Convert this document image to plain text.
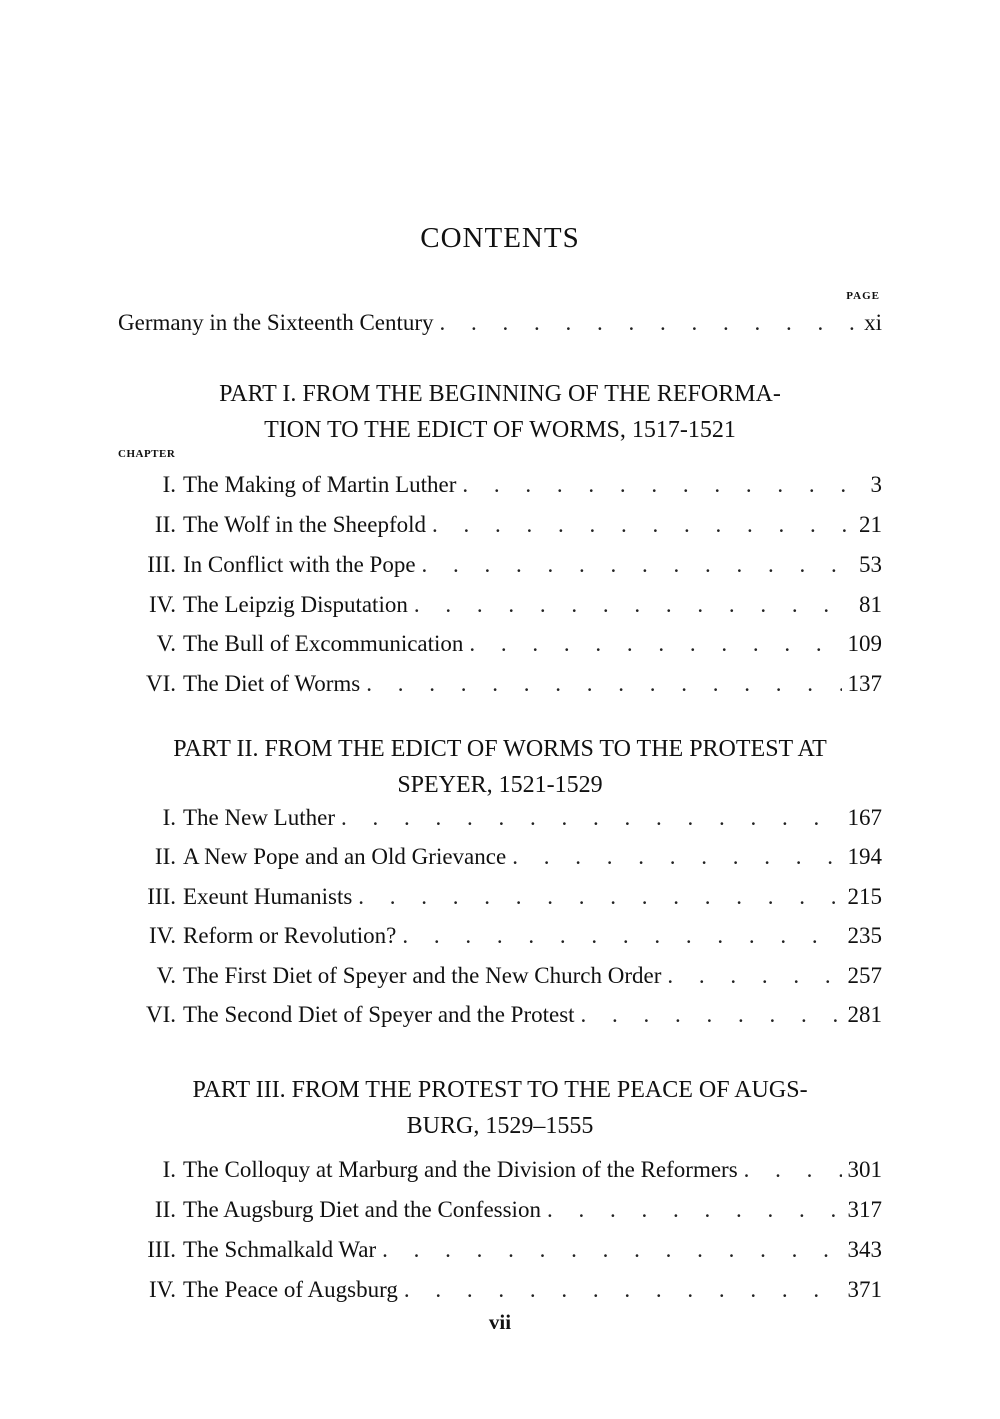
CONTENTS
PAGE
Germany in the Sixteenth Century . . .	xi
PART I. FROM THE BEGINNING OF THE REFORMA-
TION TO THE EDICT OF WORMS, 1517-1521
CHAPTER
I. The Making of Martin Luther . . .	3
II. The Wolf in the Sheepfold . . .	21
III. In Conflict with the Pope . . .	53
IV. The Leipzig Disputation . . .	81
V. The Bull of Excommunication . . .	109
VI. The Diet of Worms . . .	137
PART II. FROM THE EDICT OF WORMS TO THE PROTEST AT
SPEYER, 1521-1529
I. The New Luther . . .	167
II. A New Pope and an Old Grievance . . .	194
III. Exeunt Humanists . . .	215
IV. Reform or Revolution? . . .	235
V. The First Diet of Speyer and the New Church Order . . .	257
VI. The Second Diet of Speyer and the Protest . . .	281
PART III. FROM THE PROTEST TO THE PEACE OF AUGS-
BURG, 1529–1555
I. The Colloquy at Marburg and the Division of the Reformers . . .	301
II. The Augsburg Diet and the Confession . . .	317
III. The Schmalkald War . . .	343
IV. The Peace of Augsburg . . .	371
vii
